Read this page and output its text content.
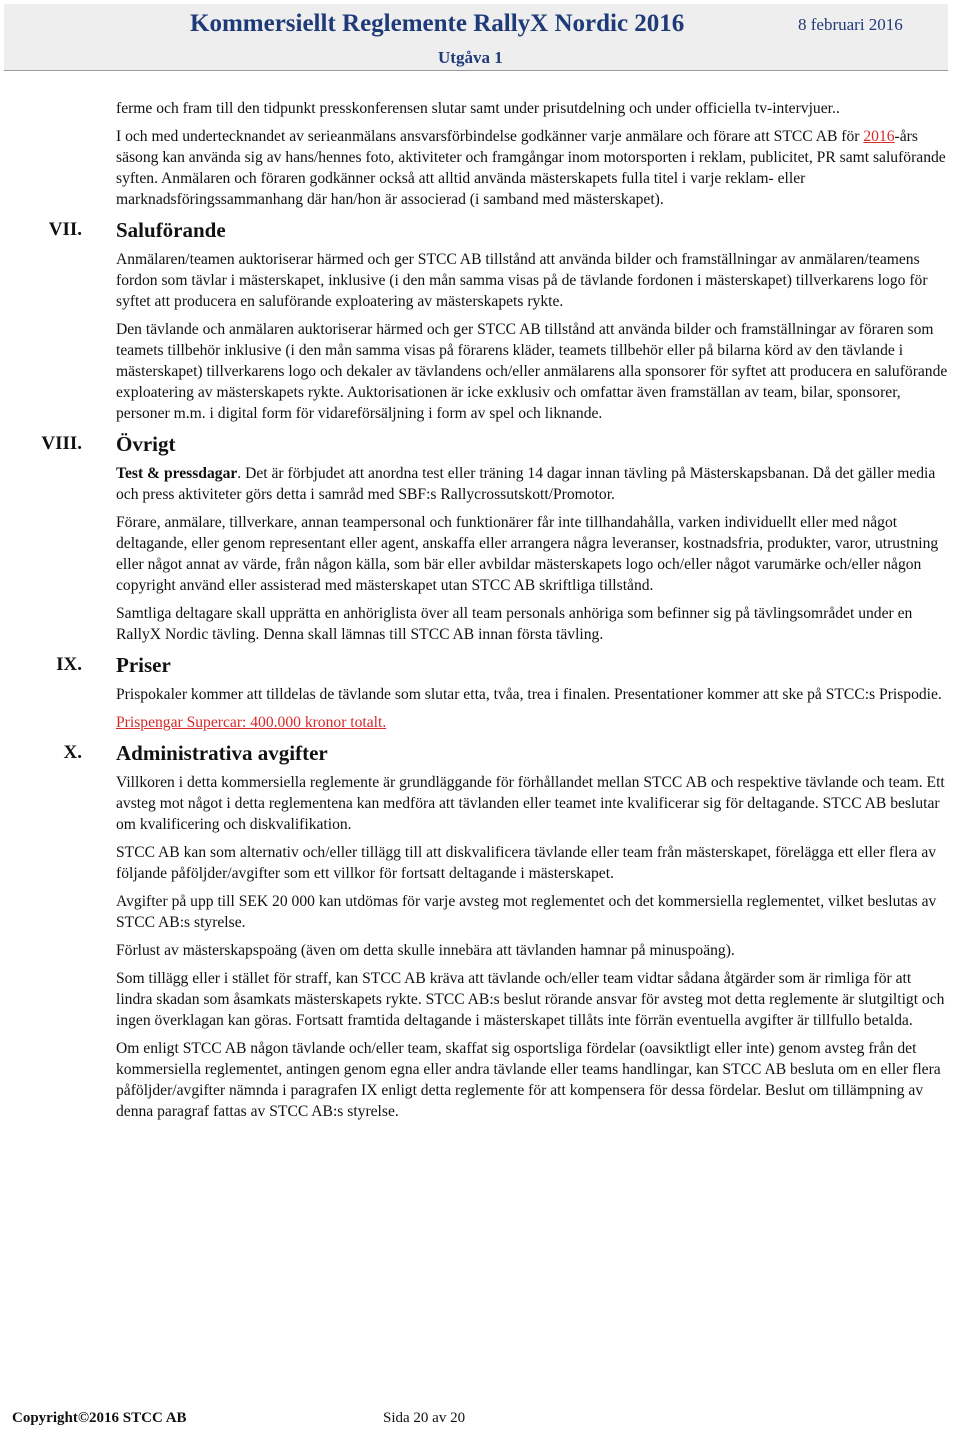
Kommersiellt Reglemente RallyX Nordic 2016	8 februari 2016
Utgåva 1

ferme och fram till den tidpunkt presskonferensen slutar samt under prisutdelning och under officiella tv-intervjuer..

I och med undertecknandet av serieanmälans ansvarsförbindelse godkänner varje anmälare och förare att STCC AB för 2016-års säsong kan använda sig av hans/hennes foto, aktiviteter och framgångar inom motorsporten i reklam, publicitet, PR samt saluförande syften. Anmälaren och föraren godkänner också att alltid använda mästerskapets fulla titel i varje reklam- eller marknadsföringssammanhang där han/hon är associerad (i samband med mästerskapet).

VII. Saluförande

Anmälaren/teamen auktoriserar härmed och ger STCC AB tillstånd att använda bilder och framställningar av anmälaren/teamens fordon som tävlar i mästerskapet, inklusive (i den mån samma visas på de tävlande fordonen i mästerskapet) tillverkarens logo för syftet att producera en saluförande exploatering av mästerskapets rykte.

Den tävlande och anmälaren auktoriserar härmed och ger STCC AB tillstånd att använda bilder och framställningar av föraren som teamets tillbehör inklusive (i den mån samma visas på förarens kläder, teamets tillbehör eller på bilarna körd av den tävlande i mästerskapet) tillverkarens logo och dekaler av tävlandens och/eller anmälarens alla sponsorer för syftet att producera en saluförande exploatering av mästerskapets rykte. Auktorisationen är icke exklusiv och omfattar även framställan av team, bilar, sponsorer, personer m.m. i digital form för vidareförsäljning i form av spel och liknande.

VIII. Övrigt

Test & pressdagar. Det är förbjudet att anordna test eller träning 14 dagar innan tävling på Mästerskapsbanan. Då det gäller media och press aktiviteter görs detta i samråd med SBF:s Rallycrossutskott/Promotor.

Förare, anmälare, tillverkare, annan teampersonal och funktionärer får inte tillhandahålla, varken individuellt eller med något deltagande, eller genom representant eller agent, anskaffa eller arrangera några leveranser, kostnadsfria, produkter, varor, utrustning eller något annat av värde, från någon källa, som bär eller avbildar mästerskapets logo och/eller något varumärke och/eller någon copyright använd eller assisterad med mästerskapet utan STCC AB skriftliga tillstånd.

Samtliga deltagare skall upprätta en anhöriglista över all team personals anhöriga som befinner sig på tävlingsområdet under en RallyX Nordic tävling. Denna skall lämnas till STCC AB innan första tävling.

IX. Priser

Prispokaler kommer att tilldelas de tävlande som slutar etta, tvåa, trea i finalen. Presentationer kommer att ske på STCC:s Prispodie.

Prispengar Supercar: 400.000 kronor totalt.

X. Administrativa avgifter

Villkoren i detta kommersiella reglemente är grundläggande för förhållandet mellan STCC AB och respektive tävlande och team. Ett avsteg mot något i detta reglementena kan medföra att tävlanden eller teamet inte kvalificerar sig för deltagande. STCC AB beslutar om kvalificering och diskvalifikation.

STCC AB kan som alternativ och/eller tillägg till att diskvalificera tävlande eller team från mästerskapet, förelägga ett eller flera av följande påföljder/avgifter som ett villkor för fortsatt deltagande i mästerskapet.

Avgifter på upp till SEK 20 000 kan utdömas för varje avsteg mot reglementet och det kommersiella reglementet, vilket beslutas av STCC AB:s styrelse.

Förlust av mästerskapspoäng (även om detta skulle innebära att tävlanden hamnar på minuspoäng).

Som tillägg eller i stället för straff, kan STCC AB kräva att tävlande och/eller team vidtar sådana åtgärder som är rimliga för att lindra skadan som åsamkats mästerskapets rykte. STCC AB:s beslut rörande ansvar för avsteg mot detta reglemente är slutgiltigt och ingen överklagan kan göras. Fortsatt framtida deltagande i mästerskapet tillåts inte förrän eventuella avgifter är tillfullo betalda.

Om enligt STCC AB någon tävlande och/eller team, skaffat sig osportsliga fördelar (oavsiktligt eller inte) genom avsteg från det kommersiella reglementet, antingen genom egna eller andra tävlande eller teams handlingar, kan STCC AB besluta om en eller flera påföljder/avgifter nämnda i paragrafen IX enligt detta reglemente för att kompensera för dessa fördelar. Beslut om tillämpning av denna paragraf fattas av STCC AB:s styrelse.

Copyright©2016 STCC AB	Sida 20 av 20
